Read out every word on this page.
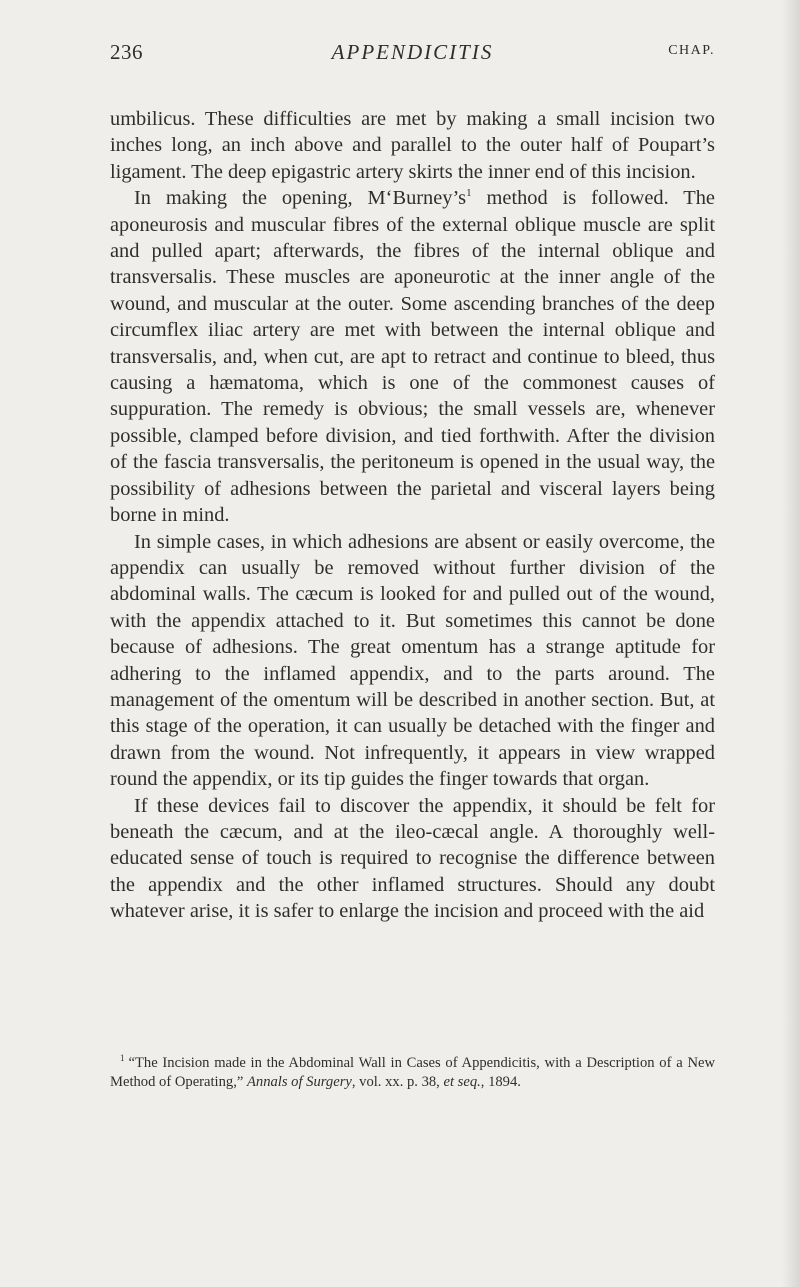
236	APPENDICITIS	CHAP.

umbilicus. These difficulties are met by making a small incision two inches long, an inch above and parallel to the outer half of Poupart’s ligament. The deep epigastric artery skirts the inner end of this incision.

In making the opening, M‘Burney’s$^1$ method is followed. The aponeurosis and muscular fibres of the external oblique muscle are split and pulled apart; afterwards, the fibres of the internal oblique and transversalis. These muscles are aponeurotic at the inner angle of the wound, and muscular at the outer. Some ascending branches of the deep circumflex iliac artery are met with between the internal oblique and transversalis, and, when cut, are apt to retract and continue to bleed, thus causing a hæmatoma, which is one of the commonest causes of suppuration. The remedy is obvious; the small vessels are, whenever possible, clamped before division, and tied forthwith. After the division of the fascia transversalis, the peritoneum is opened in the usual way, the possibility of adhesions between the parietal and visceral layers being borne in mind.

In simple cases, in which adhesions are absent or easily overcome, the appendix can usually be removed without further division of the abdominal walls. The cæcum is looked for and pulled out of the wound, with the appendix attached to it. But sometimes this cannot be done because of adhesions. The great omentum has a strange aptitude for adhering to the inflamed appendix, and to the parts around. The management of the omentum will be described in another section. But, at this stage of the operation, it can usually be detached with the finger and drawn from the wound. Not infrequently, it appears in view wrapped round the appendix, or its tip guides the finger towards that organ.

If these devices fail to discover the appendix, it should be felt for beneath the cæcum, and at the ileo-cæcal angle. A thoroughly well-educated sense of touch is required to recognise the difference between the appendix and the other inflamed structures. Should any doubt whatever arise, it is safer to enlarge the incision and proceed with the aid

$^1$ “The Incision made in the Abdominal Wall in Cases of Appendicitis, with a Description of a New Method of Operating,” Annals of Surgery, vol. xx. p. 38, et seq., 1894.
